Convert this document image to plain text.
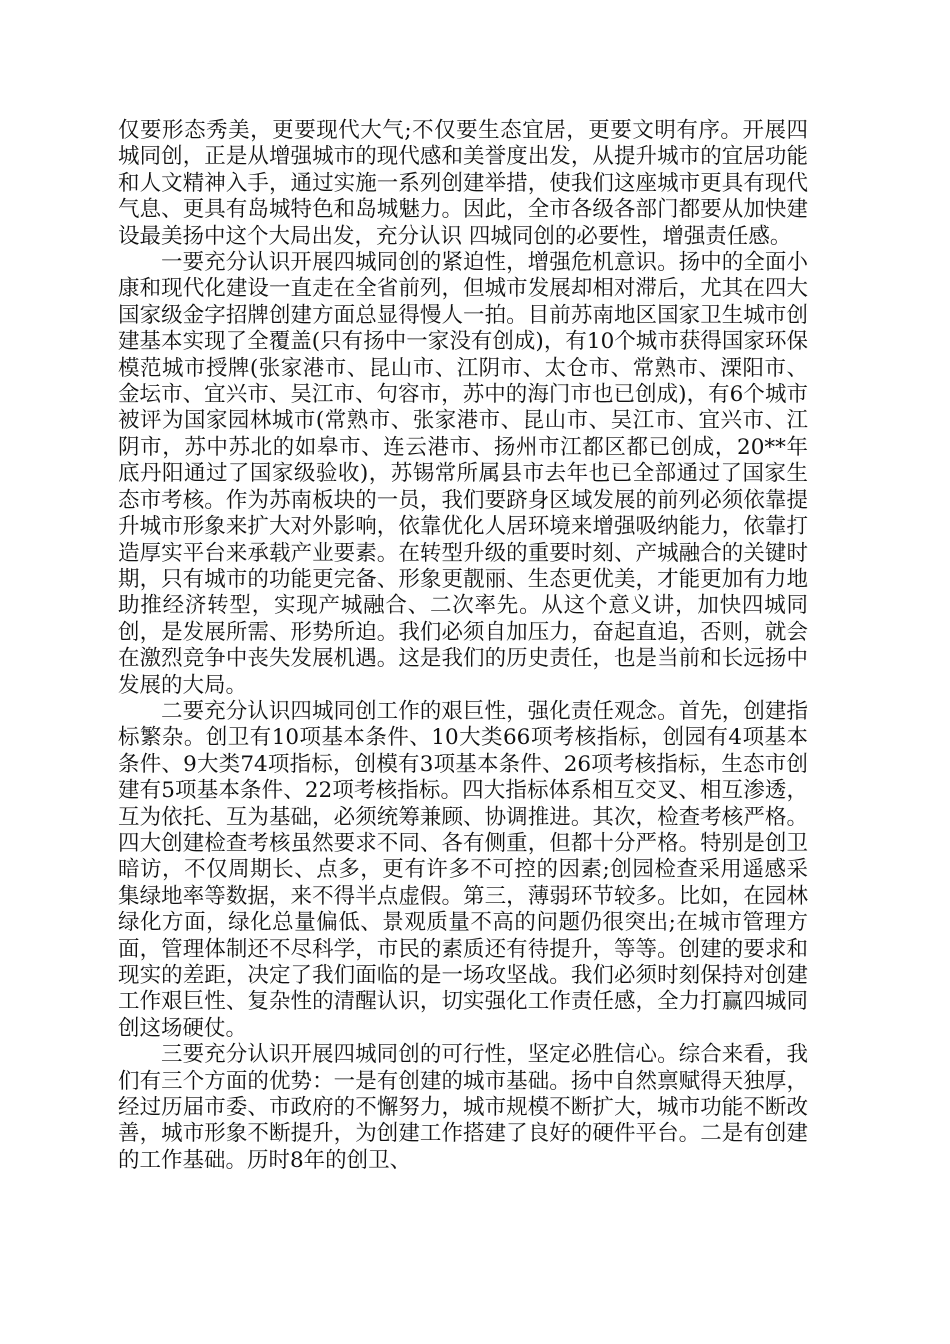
仅要形态秀美，更要现代大气;不仅要生态宜居，更要文明有序。开展四城同创，正是从增强城市的现代感和美誉度出发，从提升城市的宜居功能和人文精神入手，通过实施一系列创建举措，使我们这座城市更具有现代气息、更具有岛城特色和岛城魅力。因此，全市各级各部门都要从加快建设最美扬中这个大局出发，充分认识 四城同创的必要性，增强责任感。

一要充分认识开展四城同创的紧迫性，增强危机意识。扬中的全面小康和现代化建设一直走在全省前列，但城市发展却相对滞后，尤其在四大国家级金字招牌创建方面总显得慢人一拍。目前苏南地区国家卫生城市创建基本实现了全覆盖(只有扬中一家没有创成)，有10个城市获得国家环保模范城市授牌(张家港市、昆山市、江阴市、太仓市、常熟市、溧阳市、金坛市、宜兴市、吴江市、句容市，苏中的海门市也已创成)，有6个城市被评为国家园林城市(常熟市、张家港市、昆山市、吴江市、宜兴市、江阴市，苏中苏北的如皋市、连云港市、扬州市江都区都已创成，20**年底丹阳通过了国家级验收)，苏锡常所属县市去年也已全部通过了国家生态市考核。作为苏南板块的一员，我们要跻身区域发展的前列必须依靠提升城市形象来扩大对外影响，依靠优化人居环境来增强吸纳能力，依靠打造厚实平台来承载产业要素。在转型升级的重要时刻、产城融合的关键时期，只有城市的功能更完备、形象更靓丽、生态更优美，才能更加有力地助推经济转型，实现产城融合、二次率先。从这个意义讲，加快四城同创，是发展所需、形势所迫。我们必须自加压力，奋起直追，否则，就会在激烈竞争中丧失发展机遇。这是我们的历史责任，也是当前和长远扬中发展的大局。

二要充分认识四城同创工作的艰巨性，强化责任观念。首先，创建指标繁杂。创卫有10项基本条件、10大类66项考核指标，创园有4项基本条件、9大类74项指标，创模有3项基本条件、26项考核指标，生态市创建有5项基本条件、22项考核指标。四大指标体系相互交叉、相互渗透，互为依托、互为基础，必须统筹兼顾、协调推进。其次，检查考核严格。四大创建检查考核虽然要求不同、各有侧重，但都十分严格。特别是创卫暗访，不仅周期长、点多，更有许多不可控的因素;创园检查采用遥感采集绿地率等数据，来不得半点虚假。第三，薄弱环节较多。比如，在园林绿化方面，绿化总量偏低、景观质量不高的问题仍很突出;在城市管理方面，管理体制还不尽科学，市民的素质还有待提升，等等。创建的要求和现实的差距，决定了我们面临的是一场攻坚战。我们必须时刻保持对创建工作艰巨性、复杂性的清醒认识，切实强化工作责任感，全力打赢四城同创这场硬仗。

三要充分认识开展四城同创的可行性，坚定必胜信心。综合来看，我们有三个方面的优势：一是有创建的城市基础。扬中自然禀赋得天独厚，经过历届市委、市政府的不懈努力，城市规模不断扩大，城市功能不断改善，城市形象不断提升，为创建工作搭建了良好的硬件平台。二是有创建的工作基础。历时8年的创卫、
